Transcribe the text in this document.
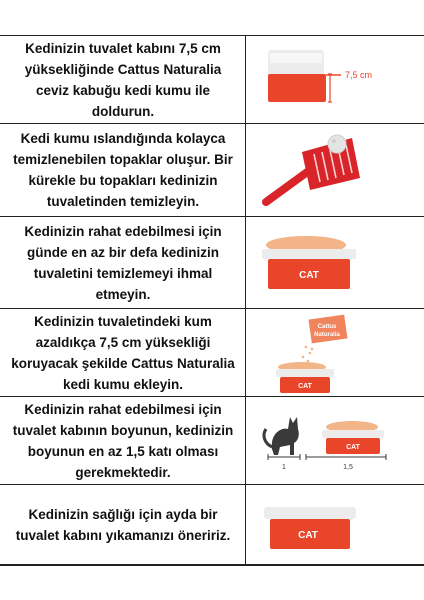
Kedinizin tuvalet kabını 7,5 cm yüksekliğinde Cattus Naturalia ceviz kabuğu kedi kumu ile doldurun.
7,5 cm
Kedi kumu ıslandığında kolayca temizlenebilen topaklar oluşur. Bir kürekle bu topakları kedinizin tuvaletinden temizleyin.
Kedinizin rahat edebilmesi için günde en az bir defa kedinizin tuvaletini temizlemeyi ihmal etmeyin.
CAT
Kedinizin tuvaletindeki kum azaldıkça 7,5 cm yüksekliği koruyacak şekilde Cattus Naturalia kedi kumu ekleyin.
Cattus
Naturalia
CAT
Kedinizin rahat edebilmesi için tuvalet kabının boyunun, kedinizin boyunun en az 1,5 katı olması gerekmektedir.	1
CAT
1,5
Kedinizin sağlığı için ayda bir tuvalet kabını yıkamanızı öneririz.	CAT
